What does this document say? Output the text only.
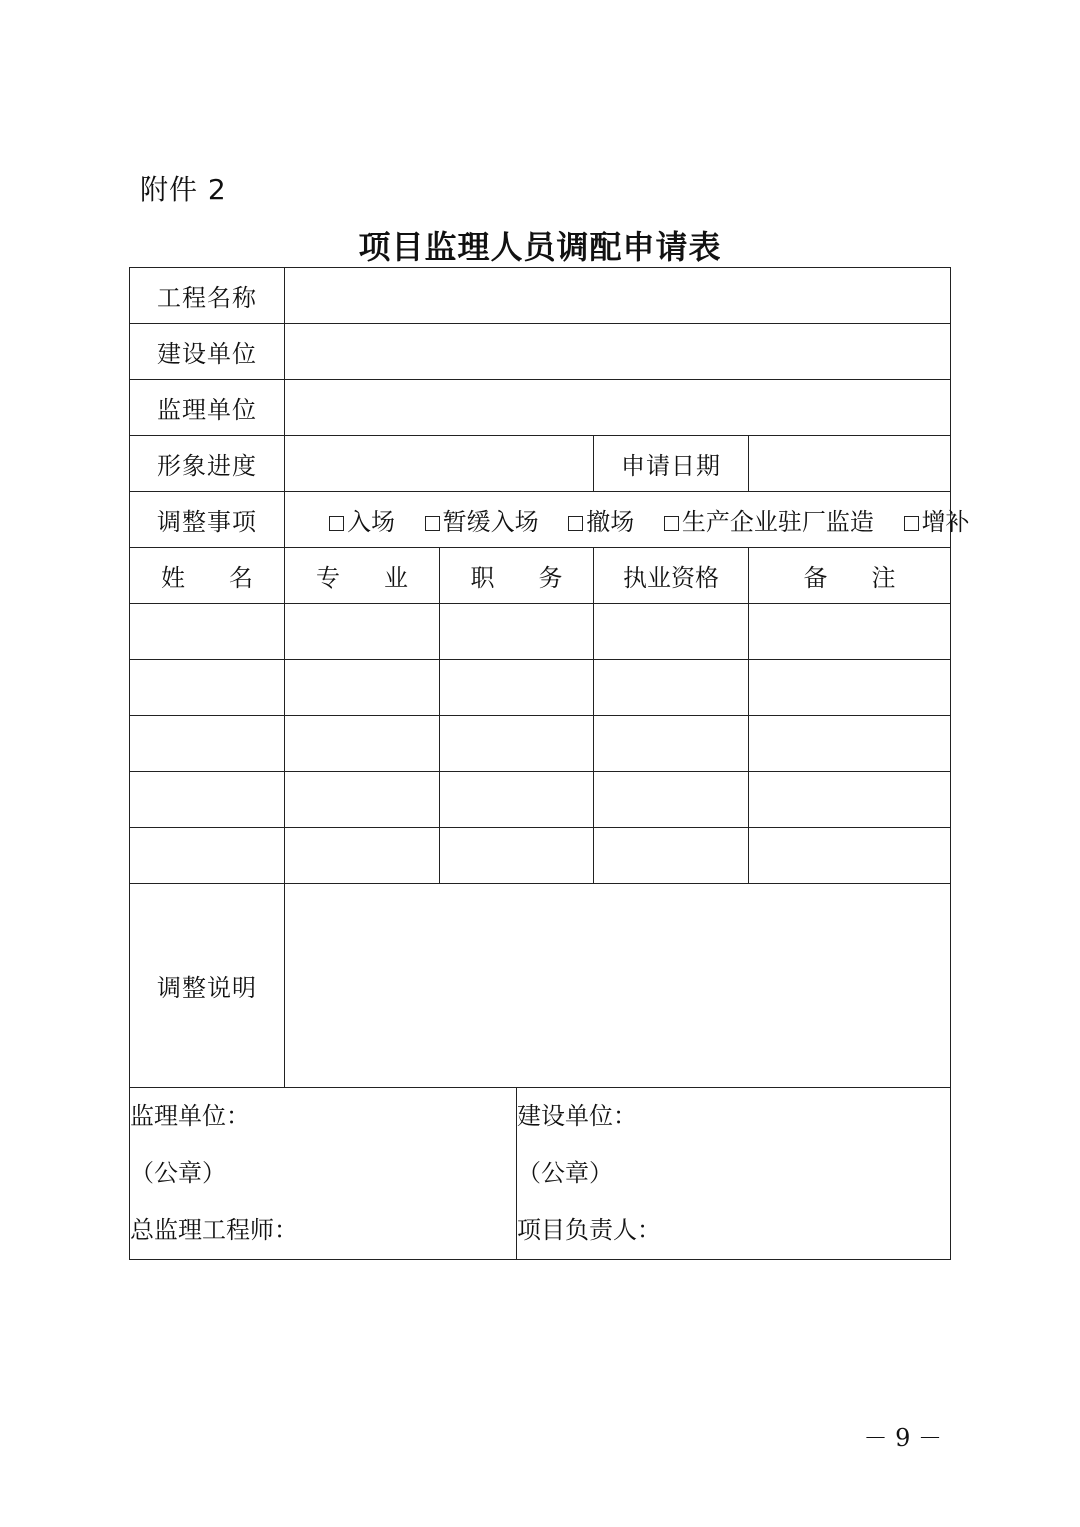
附件 2
项目监理人员调配申请表
工程名称	
建设单位	
监理单位	
形象进度		申请日期	
调整事项	入场 暂缓入场 撤场 生产企业驻厂监造 增补
姓 名	专 业	职 务	执业资格	备 注

调整说明	

监理单位：
（公章）
总监理工程师：

建设单位：
（公章）
项目负责人：
－ 9 －
